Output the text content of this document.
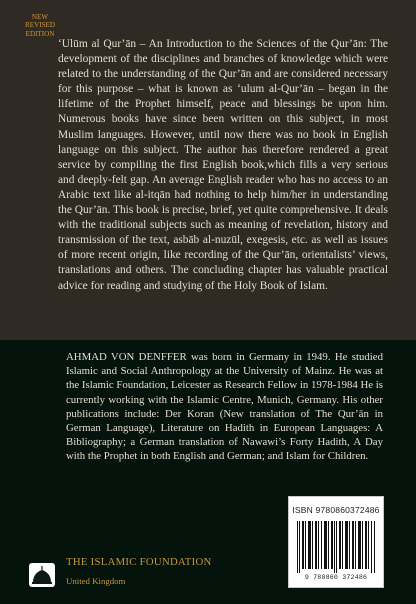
NEW
REVISED
EDITION

‘Ulūm al Qur’ān – An Introduction to the Sciences of the Qur’ān: The development of the disciplines and branches of knowledge which were related to the understanding of the Qur’ān and are considered necessary for this purpose – what is known as ‘ulum al-Qur’ān – began in the lifetime of the Prophet himself, peace and blessings be upon him. Numerous books have since been written on this subject, in most Muslim languages. However, until now there was no book in English language on this subject. The author has therefore rendered a great service by compiling the first English book,which fills a very serious and deeply-felt gap. An average English reader who has no access to an Arabic text like al-itqān had nothing to help him/her in understanding the Qur’ān. This book is precise, brief, yet quite comprehensive. It deals with the traditional subjects such as meaning of revelation, history and transmission of the text, asbāb al-nuzūl, exegesis, etc. as well as issues of more recent origin, like recording of the Qur’ān, orientalists’ views, translations and others. The concluding chapter has valuable practical advice for reading and studying of the Holy Book of Islam.

AHMAD VON DENFFER was born in Germany in 1949. He studied Islamic and Social Anthropology at the University of Mainz. He was at the Islamic Foundation, Leicester as Research Fellow in 1978-1984 He is currently working with the Islamic Centre, Munich, Germany. His other publications include: Der Koran (New translation of The Qur’ān in German Language), Literature on Hadith in European Languages: A Bibliography; a German translation of Nawawi’s Forty Hadith, A Day with the Prophet in both English and German; and Islam for Children.

ISBN 9780860372486
9 780860 372486
THE ISLAMIC FOUNDATION
United Kingdom
